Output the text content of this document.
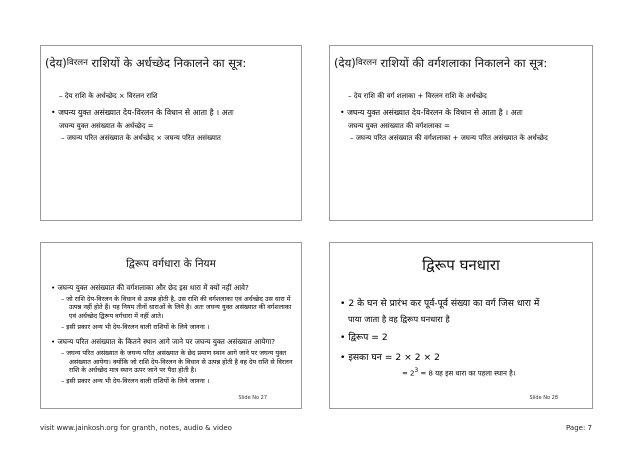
(देय)$^{विरलन}$ राशियों के अर्धच्छेद निकालने का सूत्र:
– देय राशि के अर्धच्छेद × विरलन राशि
• जघन्य युक्त असंख्यात देय-विरलन के विधान से आता है । अतः
जघन्य युक्त असंख्यात के अर्धच्छेद =
– जघन्य परित असंख्यात के अर्धच्छेद × जघन्य परित असंख्यात
(देय)$^{विरलन}$ राशियों की वर्गशलाका निकालने का सूत्र:
– देय राशि की वर्ग शलाका + विरलन राशि के अर्धच्छेद
• जघन्य युक्त असंख्यात देय-विरलन के विधान से आता है । अतः
जघन्य युक्त असंख्यात की वर्गशलाका =
– जघन्य परित असंख्यात की वर्गशलाका + जघन्य परित असंख्यात के अर्धच्छेद
द्विरूप वर्गधारा के नियम
• जघन्य युक्त असंख्यात की वर्गशलाका और छेद इस धारा में क्यों नहीं आवे?
– जो राशि देय-विरलन के विधान से उत्पन्न होती है, उस राशि की वर्गशलाका एवं अर्धच्छेद उस धारा में उत्पन्न नहीं होते हैं। यह नियम तीनों धाराओं के लिये है। अतः जघन्य युक्त असंख्यात की वर्गशलाका एवं अर्धच्छेद द्विरूप वर्गधारा में नहीं आते।
– इसी प्रकार अन्य भी देय-विरलन वाली राशियों के लिये जानना ।
• जघन्य परित असंख्यात के कितने स्थान आगे जाने पर जघन्य युक्त असंख्यात आयेगा?
– जघन्य परित असंख्यात के जघन्य परित असंख्यात के छेद प्रमाण स्थान आगे जाने पर जघन्य युक्त असंख्यात आयेगा। क्योंकि जो राशि देय-विरलन के विधान से उत्पन्न होती है वह देय राशि से विरलन राशि के अर्धच्छेद मात्र स्थान ऊपर जाने पर पैदा होती है।
– इसी प्रकार अन्य भी देय-विरलन वाली राशियों के लिये जानना ।
Slide No 27
द्विरूप घनधारा
• 2 के घन से प्रारंभ कर पूर्व-पूर्व संख्या का वर्ग जिस धारा में
पाया जाता है वह द्विरूप घनधारा है
• द्विरूप = 2
• इसका घन = 2 × 2 × 2
= $2^3 = 8$ यह इस धारा का पहला स्थान है।
Slide No 28
visit www.jainkosh.org for granth, notes, audio & video	Page: 7
